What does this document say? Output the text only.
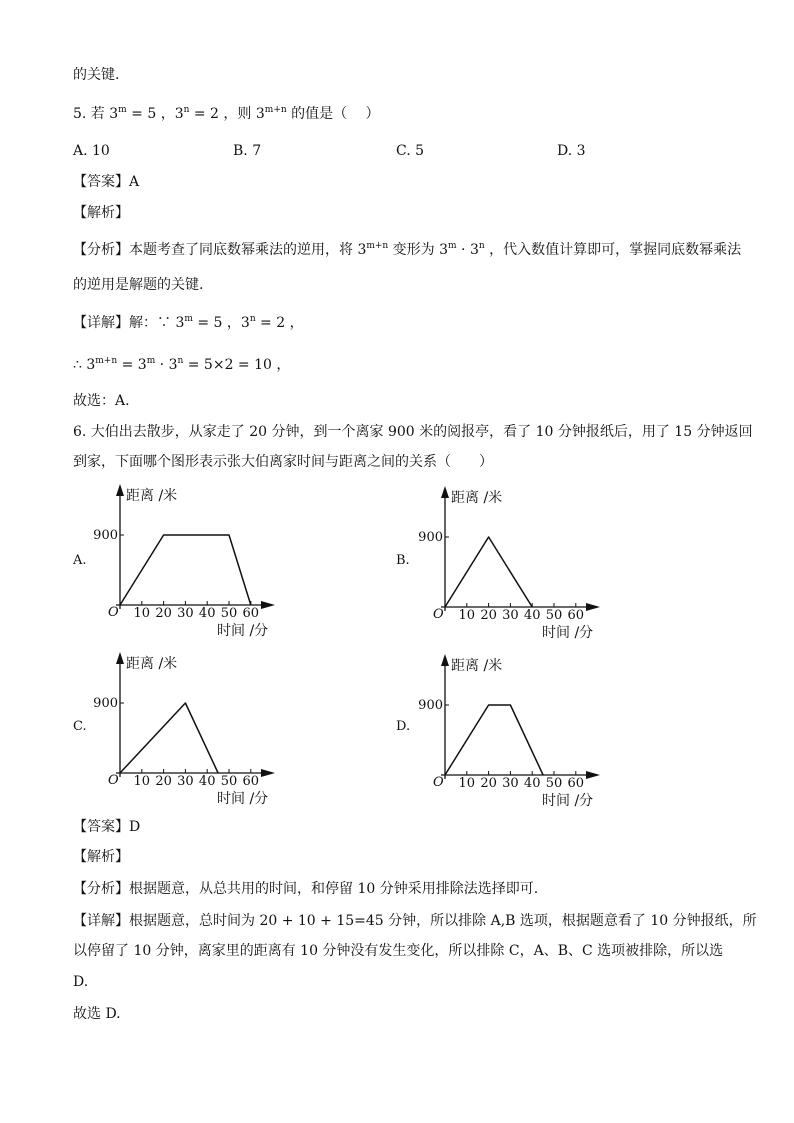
的关键.
5. 若 $3^m = 5$ ，$3^n = 2$ ，则 $3^{m+n}$ 的值是（　 ）
A. 10	B. 7	C. 5	D. 3
【答案】A
【解析】
【分析】本题考查了同底数幂乘法的逆用，将 $3^{m+n}$ 变形为 $3^m \cdot 3^n$ ，代入数值计算即可，掌握同底数幂乘法
的逆用是解题的关键.
【详解】解：∵ $3^m = 5$ ，$3^n = 2$ ，
∴ $3^{m+n} = 3^m \cdot 3^n = 5\times 2 = 10$ ，
故选：A.
6. 大伯出去散步，从家走了 20 分钟，到一个离家 900 米的阅报亭，看了 10 分钟报纸后，用了 15 分钟返回
到家，下面哪个图形表示张大伯离家时间与距离之间的关系（　　）
A.	B.
C.	D.
距离 /米
时间 /分
O
900
10 20 30 40 50 60
距离 /米
时间 /分
O
900
10 20 30 40 50 60
距离 /米
时间 /分
O
900
10 20 30 40 50 60
距离 /米
时间 /分
O
900
10 20 30 40 50 60
【答案】D
【解析】
【分析】根据题意，从总共用的时间，和停留 10 分钟采用排除法选择即可.
【详解】根据题意，总时间为 20 + 10 + 15=45 分钟，所以排除 A,B 选项，根据题意看了 10 分钟报纸，所
以停留了 10 分钟，离家里的距离有 10 分钟没有发生变化，所以排除 C，A、B、C 选项被排除，所以选
D.
故选 D.
